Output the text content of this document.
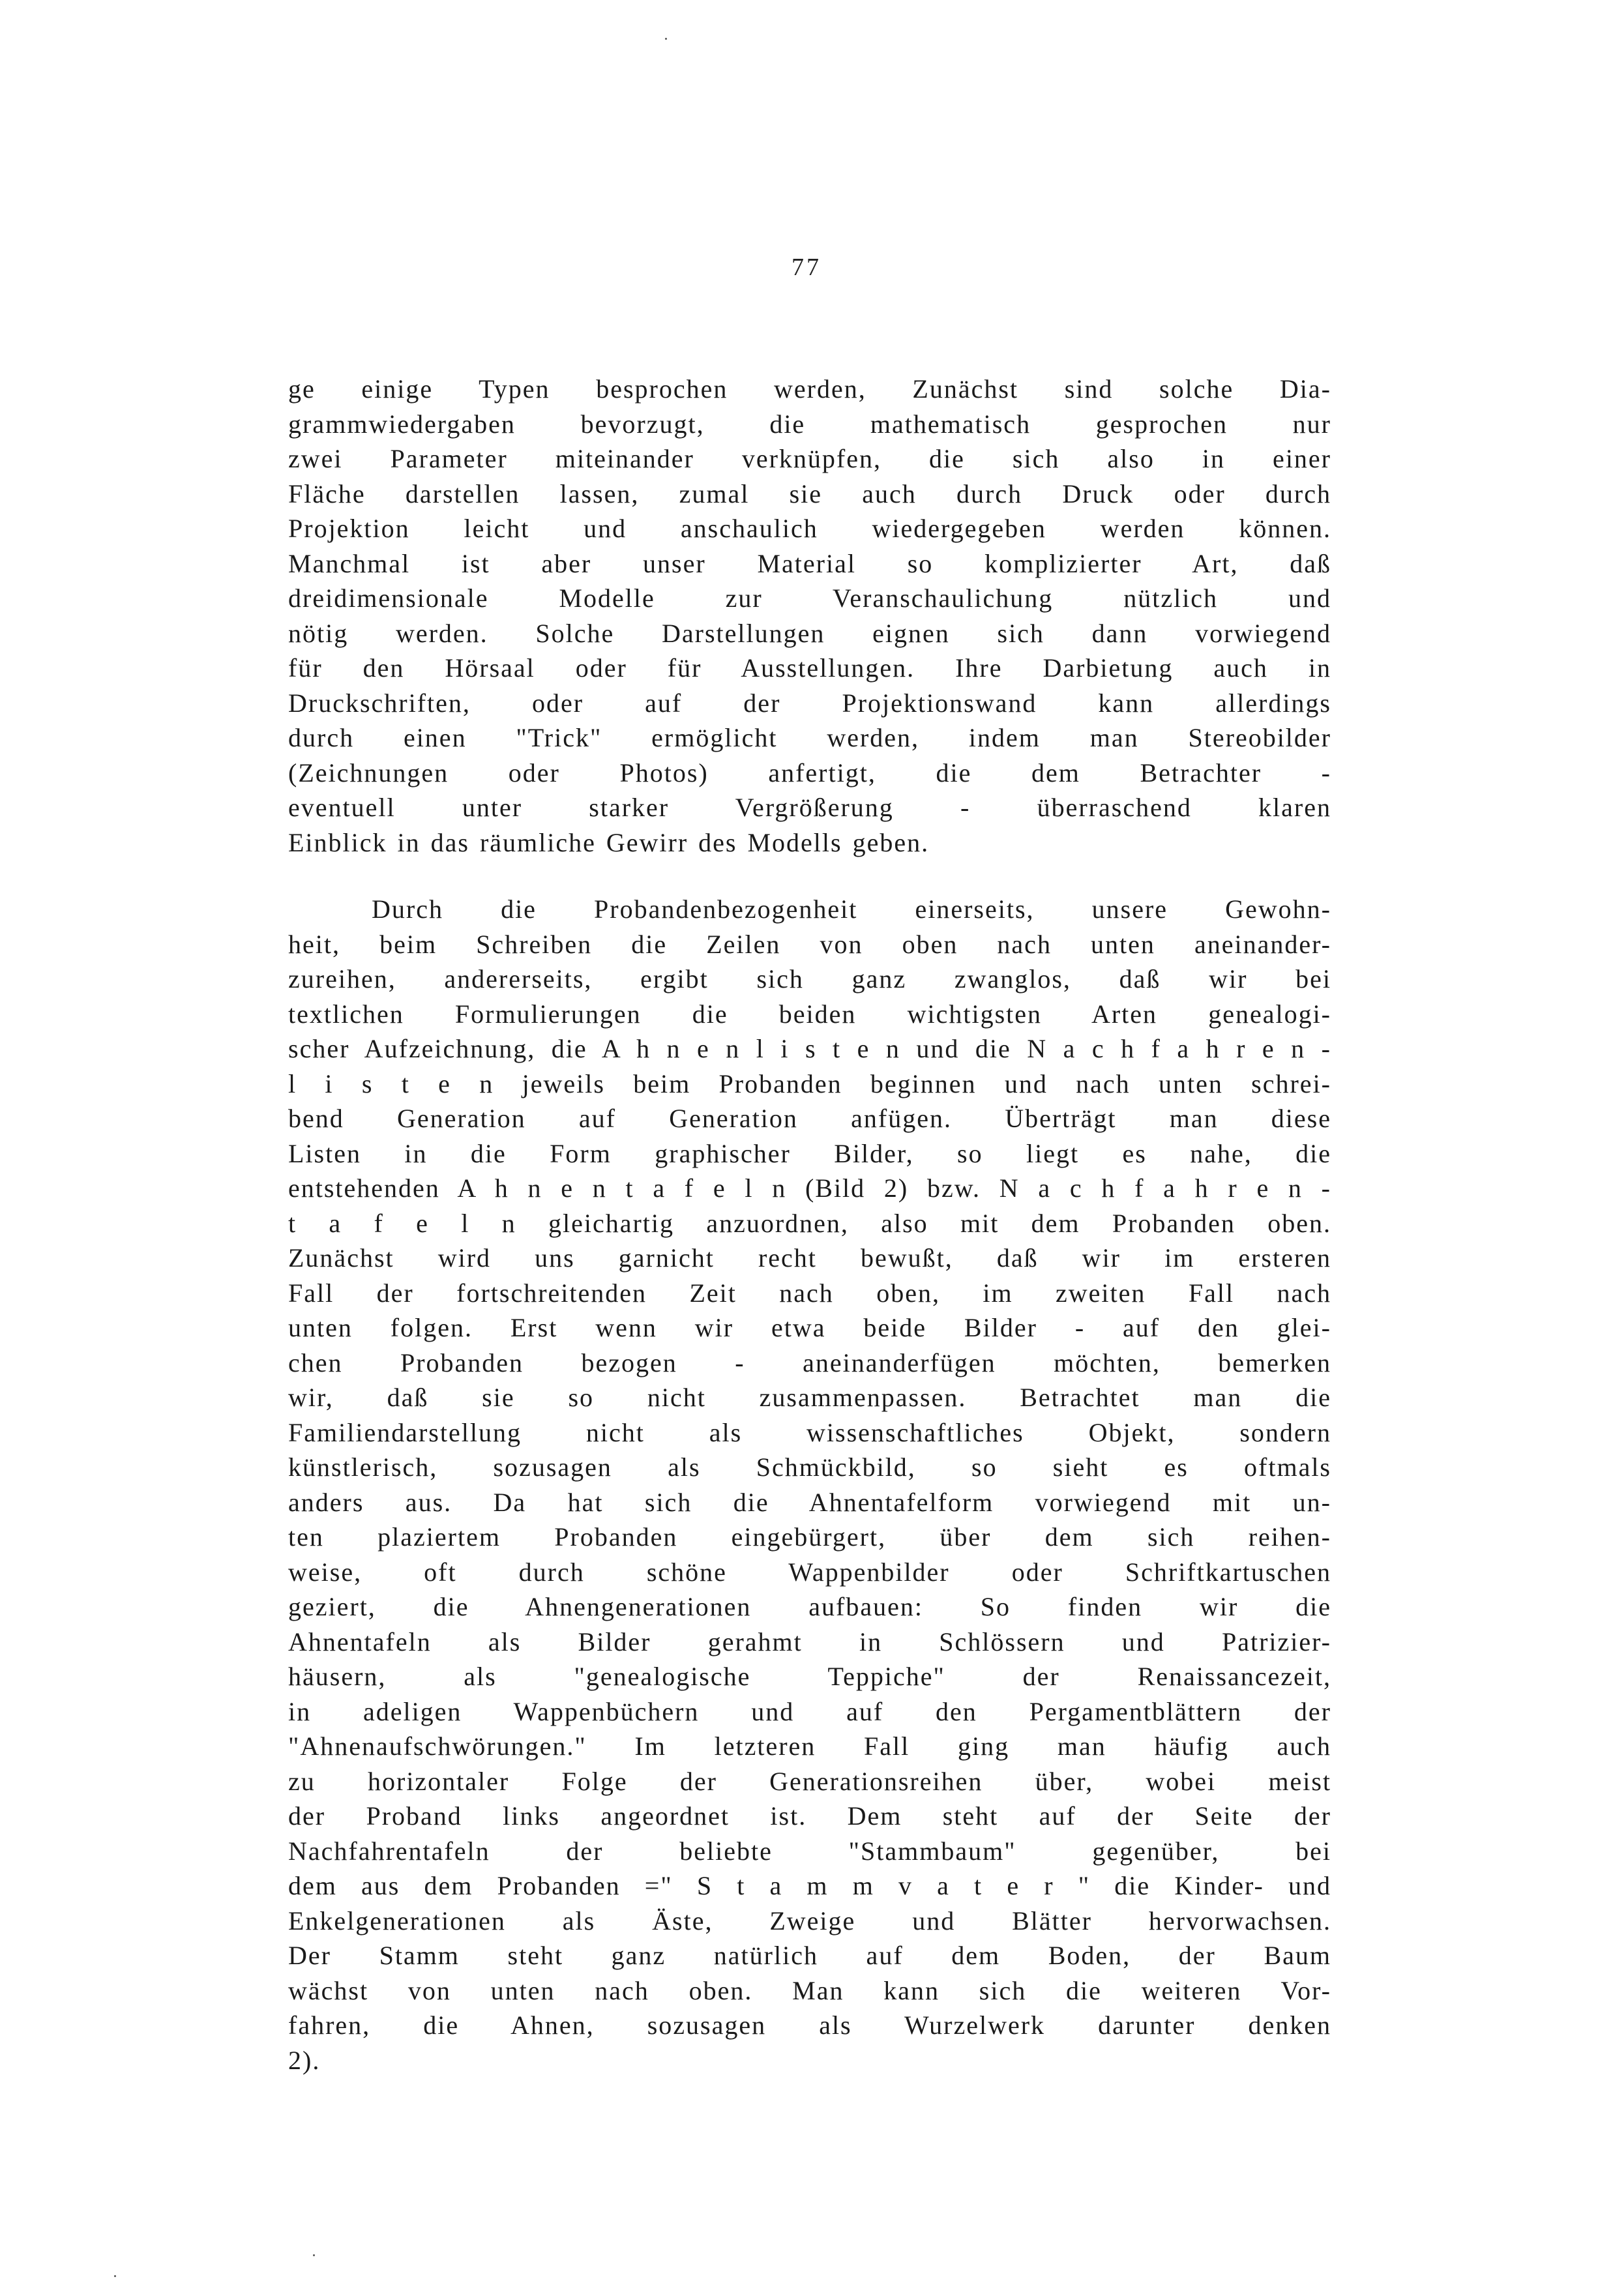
77
ge einige Typen besprochen werden, Zunächst sind solche Dia-
grammwiedergaben bevorzugt, die mathematisch gesprochen nur
zwei Parameter miteinander verknüpfen, die sich also in einer
Fläche darstellen lassen, zumal sie auch durch Druck oder durch
Projektion leicht und anschaulich wiedergegeben werden können.
Manchmal ist aber unser Material so komplizierter Art, daß
dreidimensionale Modelle zur Veranschaulichung nützlich und
nötig werden. Solche Darstellungen eignen sich dann vorwiegend
für den Hörsaal oder für Ausstellungen. Ihre Darbietung auch in
Druckschriften, oder auf der Projektionswand kann allerdings
durch einen "Trick" ermöglicht werden, indem man Stereobilder
(Zeichnungen oder Photos) anfertigt, die dem Betrachter -
eventuell unter starker Vergrößerung - überraschend klaren
Einblick in das räumliche Gewirr des Modells geben.
Durch die Probandenbezogenheit einerseits, unsere Gewohn-
heit, beim Schreiben die Zeilen von oben nach unten aneinander-
zureihen, andererseits, ergibt sich ganz zwanglos, daß wir bei
textlichen Formulierungen die beiden wichtigsten Arten genealogi-
scher Aufzeichnung, die A h n e n l i s t e n und die N a c h f a h r e n -
l i s t e n jeweils beim Probanden beginnen und nach unten schrei-
bend Generation auf Generation anfügen. Überträgt man diese
Listen in die Form graphischer Bilder, so liegt es nahe, die
entstehenden A h n e n t a f e l n (Bild 2) bzw. N a c h f a h r e n -
t a f e l n gleichartig anzuordnen, also mit dem Probanden oben.
Zunächst wird uns garnicht recht bewußt, daß wir im ersteren
Fall der fortschreitenden Zeit nach oben, im zweiten Fall nach
unten folgen. Erst wenn wir etwa beide Bilder - auf den glei-
chen Probanden bezogen - aneinanderfügen möchten, bemerken
wir, daß sie so nicht zusammenpassen. Betrachtet man die
Familiendarstellung nicht als wissenschaftliches Objekt, sondern
künstlerisch, sozusagen als Schmückbild, so sieht es oftmals
anders aus. Da hat sich die Ahnentafelform vorwiegend mit un-
ten plaziertem Probanden eingebürgert, über dem sich reihen-
weise, oft durch schöne Wappenbilder oder Schriftkartuschen
geziert, die Ahnengenerationen aufbauen: So finden wir die
Ahnentafeln als Bilder gerahmt in Schlössern und Patrizier-
häusern, als "genealogische Teppiche" der Renaissancezeit,
in adeligen Wappenbüchern und auf den Pergamentblättern der
"Ahnenaufschwörungen." Im letzteren Fall ging man häufig auch
zu horizontaler Folge der Generationsreihen über, wobei meist
der Proband links angeordnet ist. Dem steht auf der Seite der
Nachfahrentafeln der beliebte "Stammbaum" gegenüber, bei
dem aus dem Probanden =" S t a m m v a t e r " die Kinder- und
Enkelgenerationen als Äste, Zweige und Blätter hervorwachsen.
Der Stamm steht ganz natürlich auf dem Boden, der Baum
wächst von unten nach oben. Man kann sich die weiteren Vor-
fahren, die Ahnen, sozusagen als Wurzelwerk darunter denken
2).
